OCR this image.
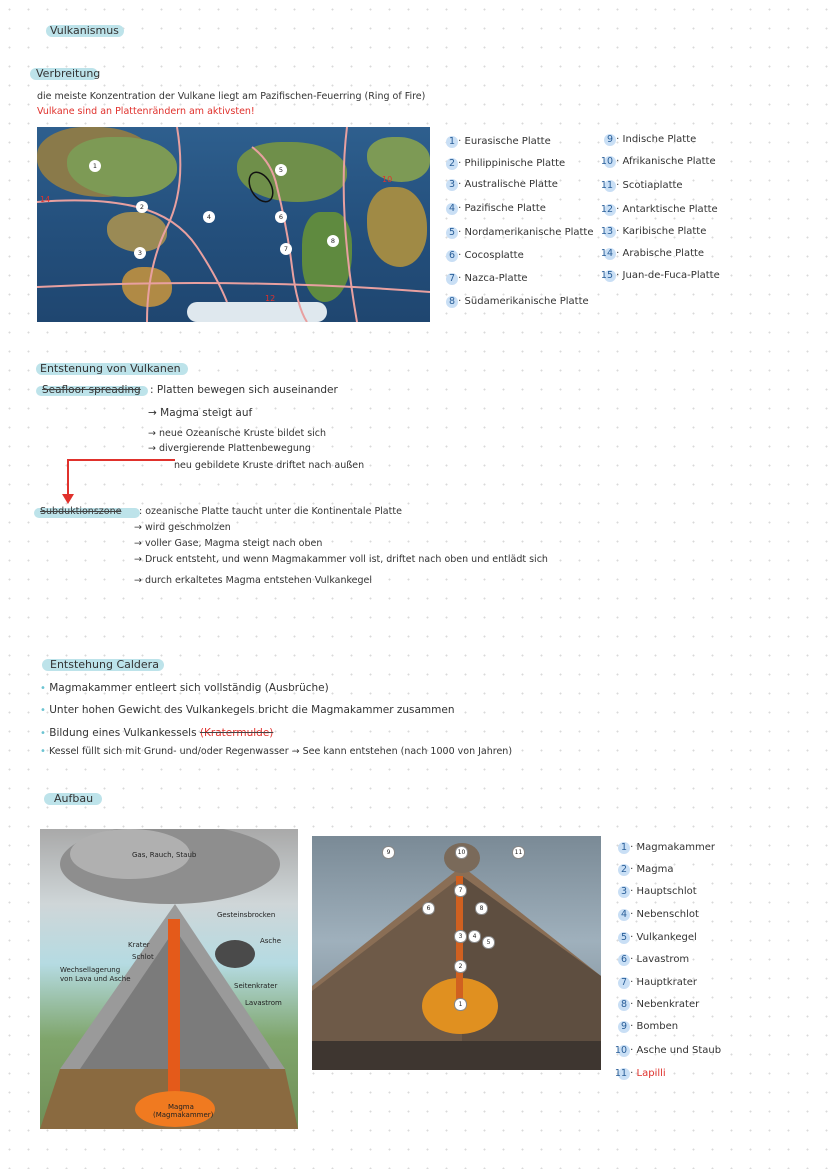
Vulkanismus
Verbreitung
die meiste Konzentration der Vulkane liegt am Pazifischen-Feuerring (Ring of Fire)
Vulkane sind an Plattenrändern am aktivsten!
1
2
3
4
5
6
7
8
14
10
12
1 · Eurasische Platte
2 · Philippinische Platte
3 · Australische Platte
4 · Pazifische Platte
5 · Nordamerikanische Platte
6 · Cocosplatte
7 · Nazca-Platte
8 · Südamerikanische Platte
9 · Indische Platte
10 · Afrikanische Platte
11 · Scotiaplatte
12 · Antarktische Platte
13 · Karibische Platte
14 · Arabische Platte
15 · Juan-de-Fuca-Platte
Entstenung von Vulkanen
Seafloor spreading : Platten bewegen sich auseinander
→ Magma steigt auf
→ neue Ozeanische Kruste bildet sich
→ divergierende Plattenbewegung
neu gebildete Kruste driftet nach außen
Subduktionszone : ozeanische Platte taucht unter die Kontinentale Platte
→ wird geschmolzen
→ voller Gase, Magma steigt nach oben
→ Druck entsteht, und wenn Magmakammer voll ist, driftet nach oben und entlädt sich
→ durch erkaltetes Magma entstehen Vulkankegel
Entstehung Caldera
• Magmakammer entleert sich vollständig (Ausbrüche)
• Unter hohen Gewicht des Vulkankegels bricht die Magmakammer zusammen
• Bildung eines Vulkankessels (Kratermulde)
• Kessel füllt sich mit Grund- und/oder Regenwasser → See kann entstehen (nach 1000 von Jahren)
Aufbau
Gas, Rauch, Staub
Gesteinsbrocken
Asche
Krater
Schlot
Wechsellagerung
von Lava und Asche
Seitenkrater
Lavastrom
Magma
(Magmakammer)
9	10	11
7
6	8
3	4
5
2
1
1 · Magmakammer
2 · Magma
3 · Hauptschlot
4 · Nebenschlot
5 · Vulkankegel
6 · Lavastrom
7 · Hauptkrater
8 · Nebenkrater
9 · Bomben
10 · Asche und Staub
11 · Lapilli
